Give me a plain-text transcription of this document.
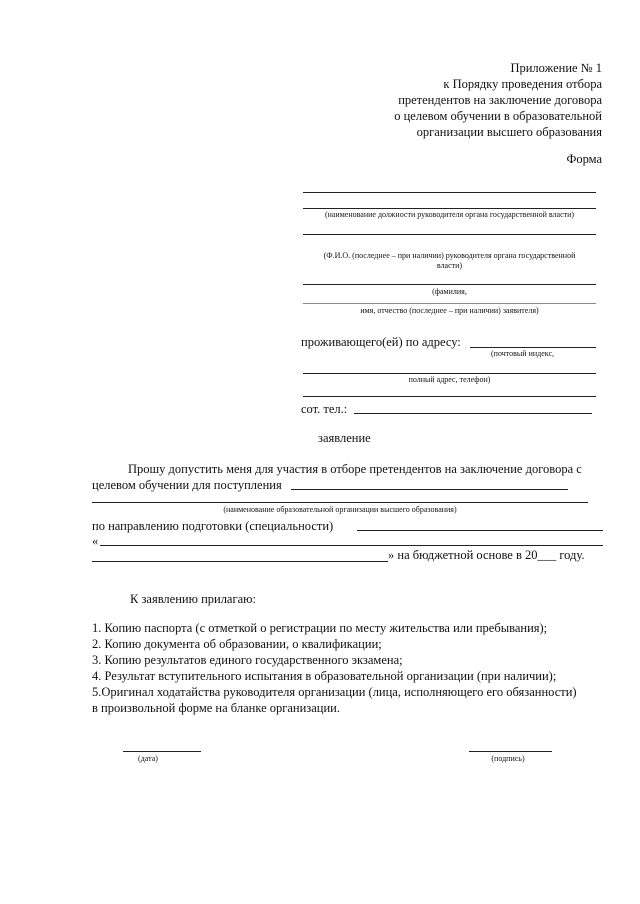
Приложение № 1
к Порядку проведения отбора
претендентов на заключение договора
о целевом обучении в образовательной
организации высшего образования
Форма
(наименование должности руководителя органа государственной власти)
(Ф.И.О. (последнее – при наличии) руководителя органа государственной
власти)
(фамилия,
имя, отчество (последнее – при наличии) заявителя)
проживающего(ей) по адресу:
(почтовый индекс,
полный адрес, телефон)
сот. тел.:
заявление
Прошу допустить меня для участия в отборе претендентов на заключение договора с
целевом обучении для поступления
(наименование образовательной организации высшего образования)
по направлению подготовки (специальности)
«
» на бюджетной основе в 20___ году.
К заявлению прилагаю:
1. Копию паспорта (с отметкой о регистрации по месту жительства или пребывания);
2. Копию документа об образовании, о квалификации;
3. Копию результатов единого государственного экзамена;
4. Результат вступительного испытания в образовательной организации (при наличии);
5.Оригинал ходатайства руководителя организации (лица, исполняющего его обязанности)
в произвольной форме на бланке организации.
(дата)	(подпись)
